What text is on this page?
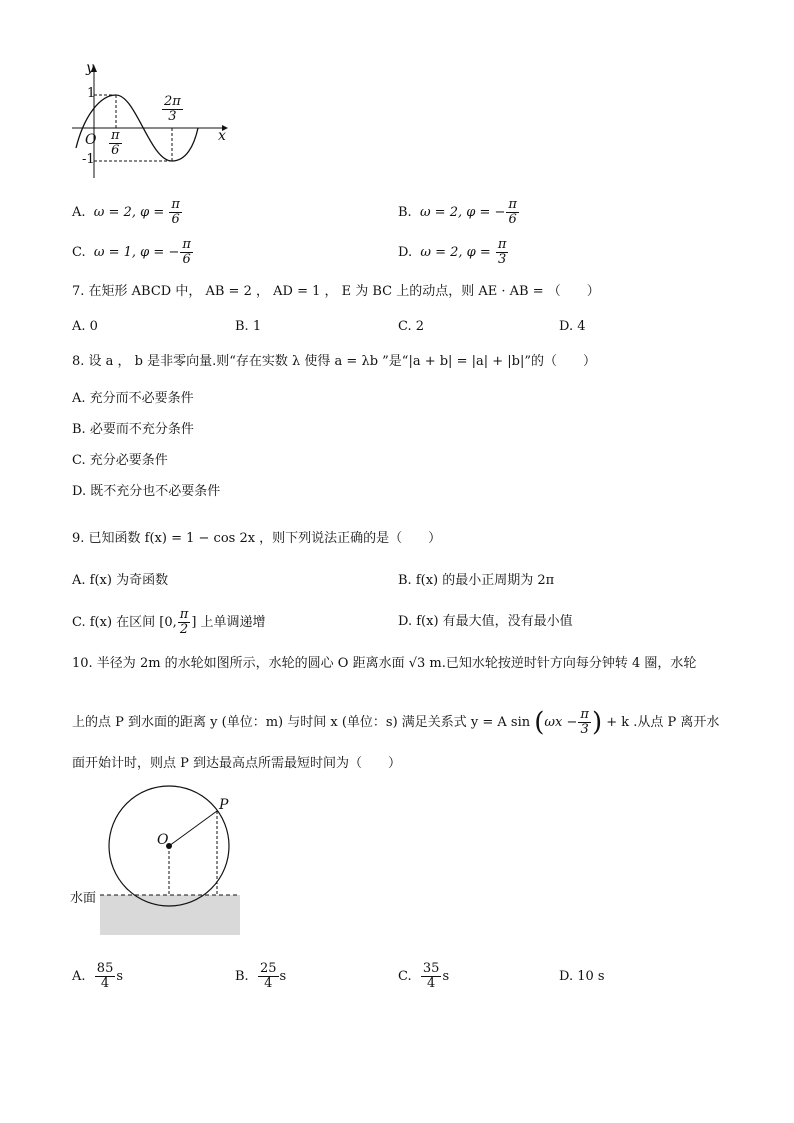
y
x
O
1
-1
$\frac{\pi}{6}$
$\frac{2\pi}{3}$
A. ω = 2, $\varphi = \frac{\pi}{6}$	B. ω = 2, φ = − $\frac{\pi}{6}$
C. ω = 1, φ = − $\frac{\pi}{6}$	D. ω = 2, $\varphi = \frac{\pi}{3}$
7. 在矩形 ABCD 中， AB = 2 ， AD = 1 ， E 为 BC 上的动点，则 AE · AB = （　　）
A. 0	B. 1	C. 2	D. 4
8. 设 a ， b 是非零向量.则“存在实数 λ 使得 a = λb ”是“|a + b| = |a| + |b|”的（　　）
A. 充分而不必要条件
B. 必要而不充分条件
C. 充分必要条件
D. 既不充分也不必要条件
9. 已知函数 f(x) = 1 − cos 2x ，则下列说法正确的是（　　）
A. f(x) 为奇函数	B. f(x) 的最小正周期为 2π
C. f(x) 在区间 [0, $\frac{\pi}{2}$ ] 上单调递增	D. f(x) 有最大值，没有最小值
10. 半径为 2m 的水轮如图所示，水轮的圆心 O 距离水面 √3 m.已知水轮按逆时针方向每分钟转 4 圈，水轮
上的点 P 到水面的距离 y (单位：m) 与时间 x (单位：s) 满足关系式 y = A $\sin (\omega x - \frac{\pi}{3}$ ) + k .从点 P 离开水
面开始计时，则点 P 到达最高点所需最短时间为（　　）
O
P
水面
A. $\frac{85}{4}$ s	B. $\frac{25}{4}$ s	C. $\frac{35}{4}$ s	D. 10 s
